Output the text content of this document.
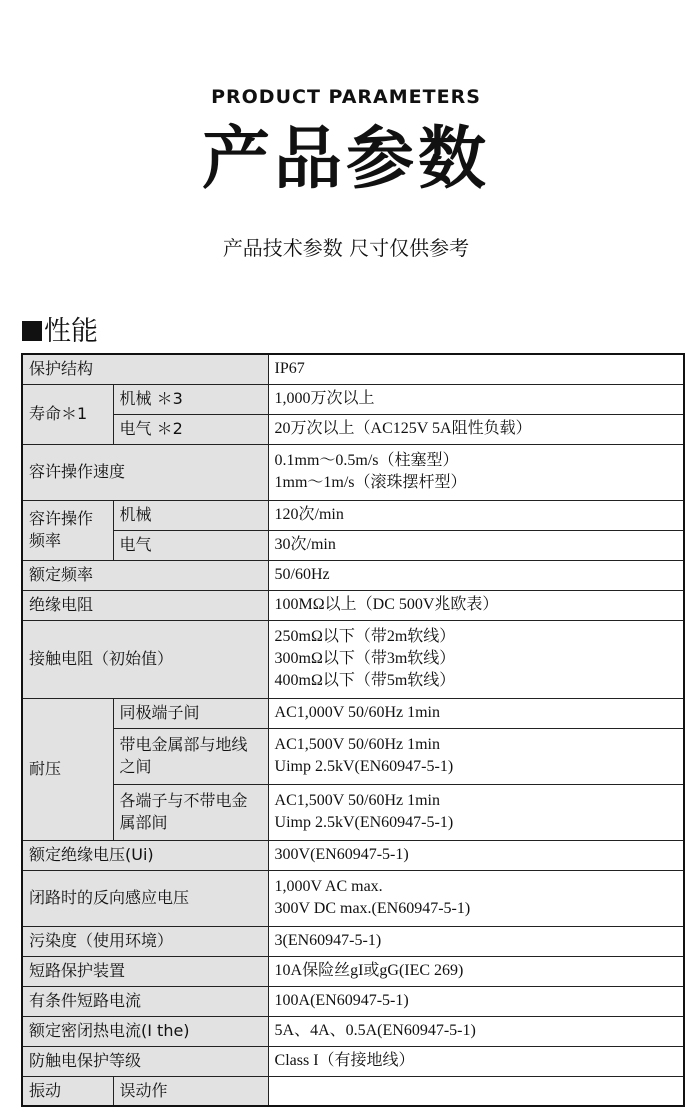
PRODUCT PARAMETERS
产品参数
产品技术参数 尺寸仅供参考
性能
保护结构		IP67

寿命＊1	机械 ＊3	1,000万次以上

	电气 ＊2	20万次以上（AC125V 5A阻性负载）

容许操作速度		0.1mm～0.5m/s（柱塞型）
1mm～1m/s（滚珠摆杆型）

容许操作频率	机械	120次/min

	电气	30次/min

额定频率		50/60Hz

绝缘电阻		100MΩ以上（DC 500V兆欧表）

接触电阻（初始值）		250mΩ以下（带2m软线）
300mΩ以下（带3m软线）
400mΩ以下（带5m软线）

耐压	同极端子间	AC1,000V 50/60Hz 1min

	带电金属部与地线之间	AC1,500V 50/60Hz 1min
Uimp 2.5kV(EN60947-5-1)

	各端子与不带电金属部间	AC1,500V 50/60Hz 1min
Uimp 2.5kV(EN60947-5-1)

额定绝缘电压(Ui)		300V(EN60947-5-1)

闭路时的反向感应电压		1,000V AC max.
300V DC max.(EN60947-5-1)

污染度（使用环境）		3(EN60947-5-1)

短路保护装置		10A保险丝gI或gG(IEC 269)

有条件短路电流		100A(EN60947-5-1)

额定密闭热电流(I the)		5A、4A、0.5A(EN60947-5-1)

防触电保护等级		Class I（有接地线）

振动	误动作	
